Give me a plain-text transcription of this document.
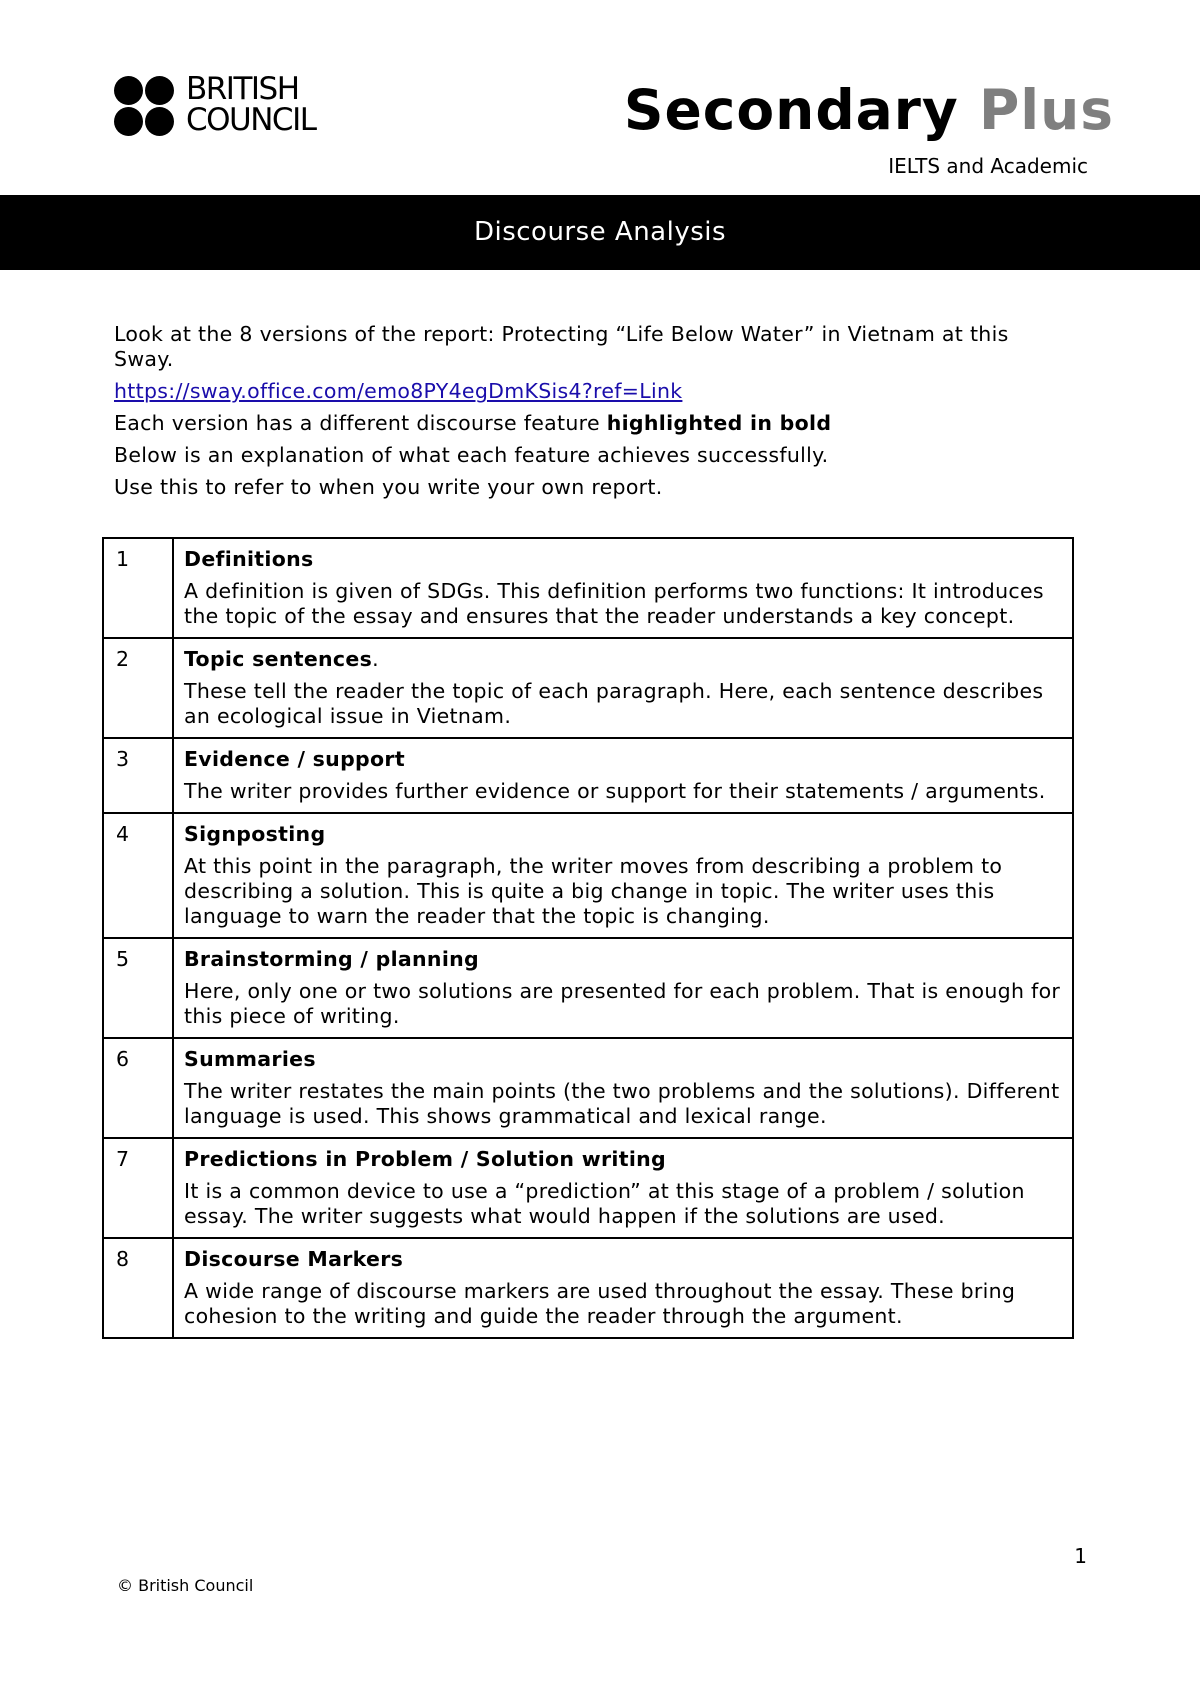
BRITISH
COUNCIL	Secondary Plus
IELTS and Academic
Discourse Analysis

Look at the 8 versions of the report: Protecting “Life Below Water” in Vietnam at this Sway.

https://sway.office.com/emo8PY4egDmKSis4?ref=Link

Each version has a different discourse feature highlighted in bold

Below is an explanation of what each feature achieves successfully.

Use this to refer to when you write your own report.

1	Definitions
A definition is given of SDGs. This definition performs two functions: It introduces the topic of the essay and ensures that the reader understands a key concept.

2	Topic sentences.
These tell the reader the topic of each paragraph. Here, each sentence describes an ecological issue in Vietnam.

3	Evidence / support
The writer provides further evidence or support for their statements / arguments.

4	Signposting
At this point in the paragraph, the writer moves from describing a problem to describing a solution. This is quite a big change in topic. The writer uses this language to warn the reader that the topic is changing.

5	Brainstorming / planning
Here, only one or two solutions are presented for each problem. That is enough for this piece of writing.

6	Summaries
The writer restates the main points (the two problems and the solutions). Different language is used. This shows grammatical and lexical range.

7	Predictions in Problem / Solution writing
It is a common device to use a “prediction” at this stage of a problem / solution essay. The writer suggests what would happen if the solutions are used.

8	Discourse Markers
A wide range of discourse markers are used throughout the essay. These bring cohesion to the writing and guide the reader through the argument.
1
© British Council
